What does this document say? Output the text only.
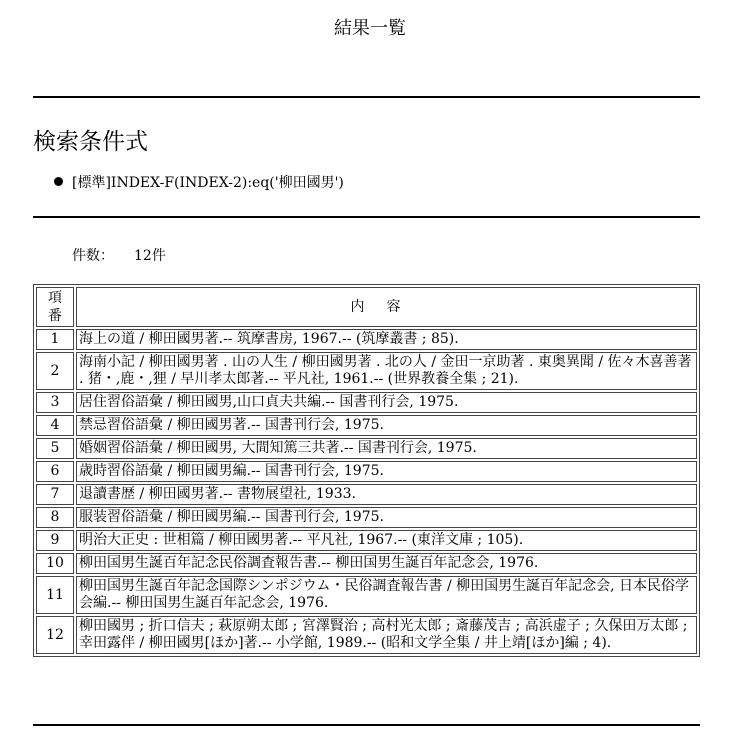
結果一覧
検索条件式
[標準]INDEX-F(INDEX-2):eq('柳田國男')
件数： 12件
項
番	内容
1	海上の道 / 柳田國男著.-- 筑摩書房, 1967.-- (筑摩叢書 ; 85).
2	海南小記 / 柳田國男著 . 山の人生 / 柳田國男著 . 北の人 / 金田一京助著 . 東奥異聞 / 佐々木喜善著 . 猪・,鹿・,狸 / 早川孝太郎著.-- 平凡社, 1961.-- (世界教養全集 ; 21).
3	居住習俗語彙 / 柳田國男,山口貞夫共編.-- 国書刊行会, 1975.
4	禁忌習俗語彙 / 柳田國男著.-- 国書刊行会, 1975.
5	婚姻習俗語彙 / 柳田國男, 大間知篤三共著.-- 国書刊行会, 1975.
6	歳時習俗語彙 / 柳田國男編.-- 国書刊行会, 1975.
7	退讀書歴 / 柳田國男著.-- 書物展望社, 1933.
8	服装習俗語彙 / 柳田國男編.-- 国書刊行会, 1975.
9	明治大正史 : 世相篇 / 柳田國男著.-- 平凡社, 1967.-- (東洋文庫 ; 105).
10	柳田国男生誕百年記念民俗調査報告書.-- 柳田国男生誕百年記念会, 1976.
11	柳田国男生誕百年記念国際シンポジウム・民俗調査報告書 / 柳田国男生誕百年記念会, 日本民俗学会編.-- 柳田国男生誕百年記念会, 1976.
12	柳田國男 ; 折口信夫 ; 萩原朔太郎 ; 宮澤賢治 ; 高村光太郎 ; 斎藤茂吉 ; 高浜虚子 ; 久保田万太郎 ; 幸田露伴 / 柳田國男[ほか]著.-- 小学館, 1989.-- (昭和文学全集 / 井上靖[ほか]編 ; 4).
